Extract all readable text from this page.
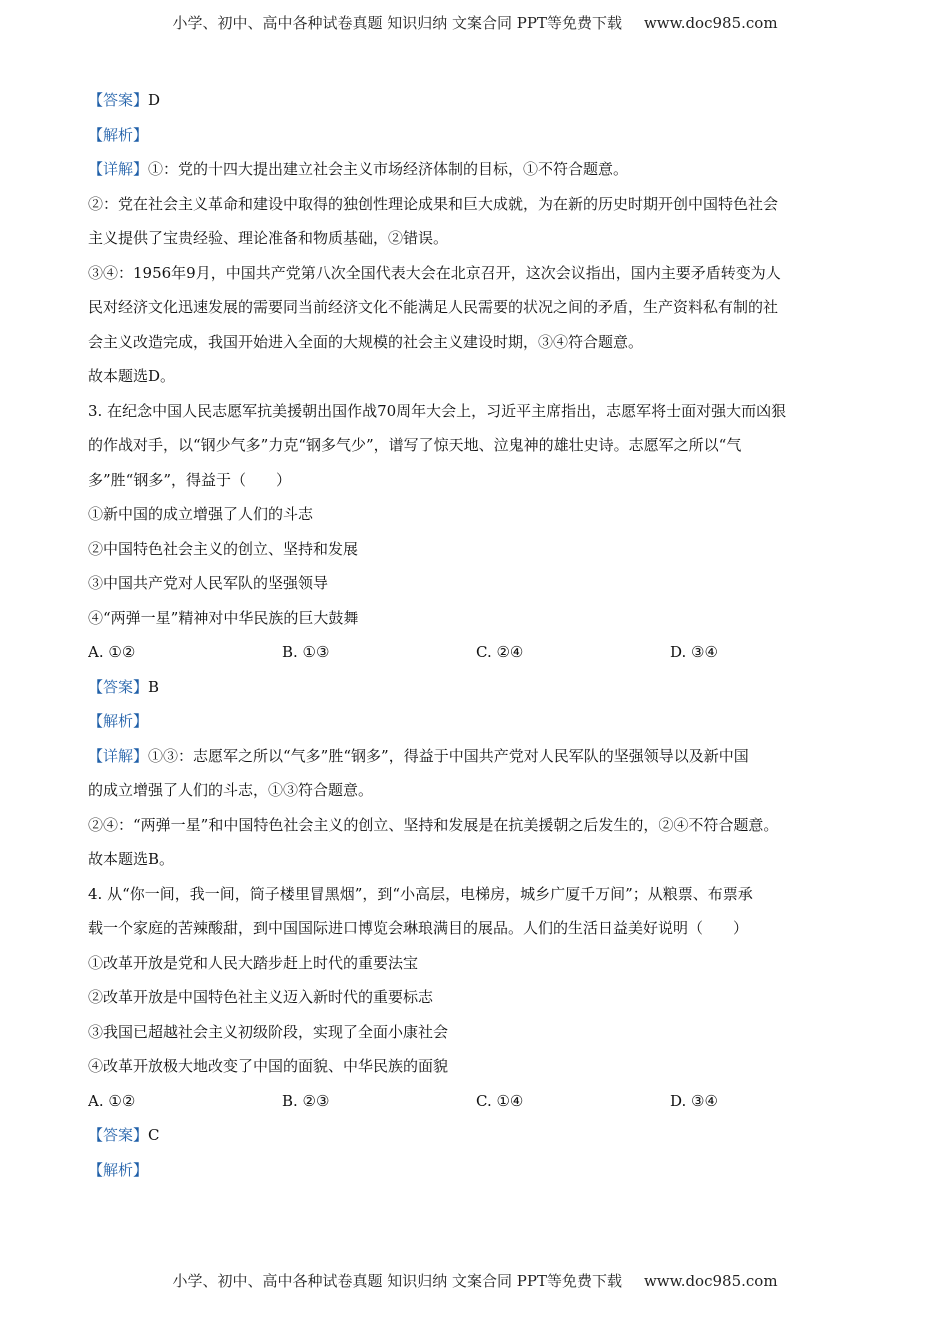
小学、初中、高中各种试卷真题 知识归纳 文案合同 PPT等免费下载 www.doc985.com
【答案】D
【解析】
【详解】①：党的十四大提出建立社会主义市场经济体制的目标，①不符合题意。
②：党在社会主义革命和建设中取得的独创性理论成果和巨大成就，为在新的历史时期开创中国特色社会
主义提供了宝贵经验、理论准备和物质基础，②错误。
③④：1956年9月，中国共产党第八次全国代表大会在北京召开，这次会议指出，国内主要矛盾转变为人
民对经济文化迅速发展的需要同当前经济文化不能满足人民需要的状况之间的矛盾，生产资料私有制的社
会主义改造完成，我国开始进入全面的大规模的社会主义建设时期，③④符合题意。
故本题选D。
3. 在纪念中国人民志愿军抗美援朝出国作战70周年大会上，习近平主席指出，志愿军将士面对强大而凶狠
的作战对手，以“钢少气多”力克“钢多气少”，谱写了惊天地、泣鬼神的雄壮史诗。志愿军之所以“气
多”胜“钢多”，得益于（　　）
①新中国的成立增强了人们的斗志
②中国特色社会主义的创立、坚持和发展
③中国共产党对人民军队的坚强领导
④“两弹一星”精神对中华民族的巨大鼓舞
A. ①②	B. ①③	C. ②④	D. ③④
【答案】B
【解析】
【详解】①③：志愿军之所以“气多”胜“钢多”，得益于中国共产党对人民军队的坚强领导以及新中国
的成立增强了人们的斗志，①③符合题意。
②④：“两弹一星”和中国特色社会主义的创立、坚持和发展是在抗美援朝之后发生的，②④不符合题意。
故本题选B。
4. 从“你一间，我一间，筒子楼里冒黑烟”，到“小高层，电梯房，城乡广厦千万间”；从粮票、布票承
载一个家庭的苦辣酸甜，到中国国际进口博览会琳琅满目的展品。人们的生活日益美好说明（　　）
①改革开放是党和人民大踏步赶上时代的重要法宝
②改革开放是中国特色社主义迈入新时代的重要标志
③我国已超越社会主义初级阶段，实现了全面小康社会
④改革开放极大地改变了中国的面貌、中华民族的面貌
A. ①②	B. ②③	C. ①④	D. ③④
【答案】C
【解析】
小学、初中、高中各种试卷真题 知识归纳 文案合同 PPT等免费下载 www.doc985.com
